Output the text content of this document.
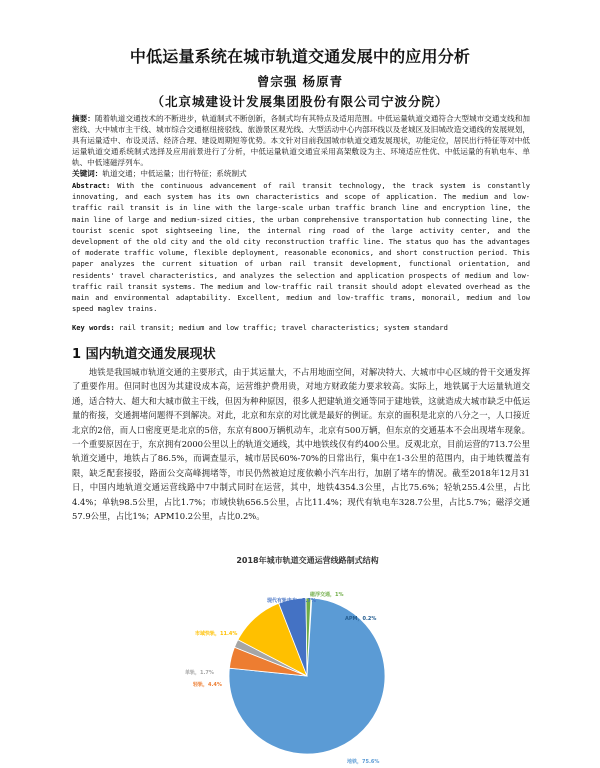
中低运量系统在城市轨道交通发展中的应用分析
曾宗强 杨原青
（北京城建设计发展集团股份有限公司宁波分院）
摘要：随着轨道交通技术的不断进步，轨道制式不断创新，各制式均有其特点及适用范围。中低运量轨道交通符合大型城市交通支线和加密线、大中城市主干线、城市综合交通枢纽接驳线、旅游景区观光线、大型活动中心内部环线以及老城区及旧城改造交通线的发展规划，具有运量适中、布设灵活、经济合理、建设周期短等优势。本文针对目前我国城市轨道交通发展现状，功能定位，居民出行特征等对中低运量轨道交通系统制式选择及应用前景进行了分析，中低运量轨道交通宜采用高架敷设为主、环境适应性优、中低运量的有轨电车、单轨、中低速磁浮列车。
关键词：轨道交通；中低运量；出行特征；系统制式
Abstract: With the continuous advancement of rail transit technology, the track system is constantly innovating, and each system has its own characteristics and scope of application. The medium and low-traffic rail transit is in line with the large-scale urban traffic branch line and encryption line, the main line of large and medium-sized cities, the urban comprehensive transportation hub connecting line, the tourist scenic spot sightseeing line, the internal ring road of the large activity center, and the development of the old city and the old city reconstruction traffic line. The status quo has the advantages of moderate traffic volume, flexible deployment, reasonable economics, and short construction period. This paper analyzes the current situation of urban rail transit development, functional orientation, and residents' travel characteristics, and analyzes the selection and application prospects of medium and low-traffic rail transit systems. The medium and low-traffic rail transit should adopt elevated overhead as the main and environmental adaptability. Excellent, medium and low-traffic trams, monorail, medium and low speed maglev trains.
Key words: rail transit; medium and low traffic; travel characteristics; system standard
1 国内轨道交通发展现状
地铁是我国城市轨道交通的主要形式，由于其运量大，不占用地面空间，对解决特大、大城市中心区域的骨干交通发挥了重要作用。但同时也因为其建设成本高，运营维护费用贵，对地方财政能力要求较高。实际上，地铁属于大运量轨道交通，适合特大、超大和大城市做主干线，但因为种种原因，很多人把建轨道交通等同于建地铁，这就造成大城市缺乏中低运量的衔接，交通拥堵问题得不到解决。对此，北京和东京的对比就是最好的例证。东京的面积是北京的八分之一，人口接近北京的2倍，而人口密度更是北京的5倍，东京有800万辆机动车，北京有500万辆，但东京的交通基本不会出现堵车现象。一个重要原因在于，东京拥有2000公里以上的轨道交通线，其中地铁线仅有约400公里。反观北京，目前运营的713.7公里轨道交通中，地铁占了86.5%，而调查显示，城市居民60%-70%的日常出行，集中在1-3公里的范围内，由于地铁覆盖有限，缺乏配套接驳，路面公交高峰拥堵等，市民仍然被迫过度依赖小汽车出行，加剧了堵车的情况。截至2018年12月31日，中国内地轨道交通运营线路中7中制式同时在运营，其中，地铁4354.3公里，占比75.6%；轻轨255.4公里，占比4.4%；单轨98.5公里，占比1.7%；市域快轨656.5公里，占比11.4%；现代有轨电车328.7公里，占比5.7%；磁浮交通57.9公里，占比1%；APM10.2公里，占比0.2%。
2018年城市轨道交通运营线路制式结构
地铁，75.6%
轻轨，4.4%
单轨，1.7%
市域快轨，11.4%
现代有轨电车，5.7%
磁浮交通，1%
APM，0.2%
